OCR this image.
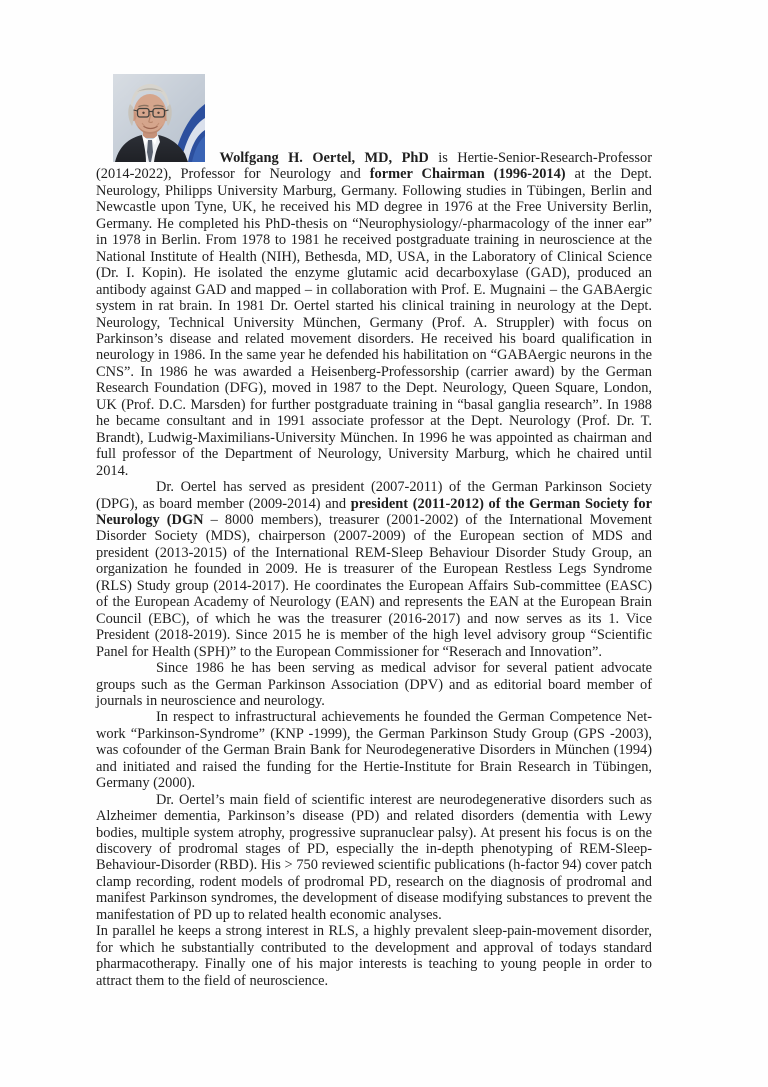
Wolfgang H. Oertel, MD, PhD is Hertie-Senior-Research-Professor (2014-2022), Professor for Neurology and former Chairman (1996-2014) at the Dept. Neurology, Philipps University Marburg, Germany. Following studies in Tübingen, Berlin and Newcastle upon Tyne, UK, he received his MD degree in 1976 at the Free University Berlin, Germany. He completed his PhD-thesis on “Neurophysiology/-pharmacology of the inner ear” in 1978 in Berlin. From 1978 to 1981 he received postgraduate training in neuroscience at the National Institute of Health (NIH), Bethesda, MD, USA, in the Laboratory of Clinical Science (Dr. I. Kopin). He isolated the enzyme glutamic acid decarboxylase (GAD), produced an antibody against GAD and mapped – in collaboration with Prof. E. Mugnaini – the GABAergic system in rat brain. In 1981 Dr. Oertel started his clinical training in neurology at the Dept. Neurology, Technical University München, Germany (Prof. A. Struppler) with focus on Parkinson’s disease and related movement disorders. He received his board qualification in neurology in 1986. In the same year he defended his habilitation on “GABAergic neurons in the CNS”. In 1986 he was awarded a Heisenberg-Professorship (carrier award) by the German Research Foundation (DFG), moved in 1987 to the Dept. Neurology, Queen Square, London, UK (Prof. D.C. Marsden) for further postgraduate training in “basal ganglia research”. In 1988 he became consultant and in 1991 associate professor at the Dept. Neurology (Prof. Dr. T. Brandt), Ludwig-Maximilians-University München. In 1996 he was appointed as chairman and full professor of the Department of Neurology, University Marburg, which he chaired until 2014.

Dr. Oertel has served as president (2007-2011) of the German Parkinson Society (DPG), as board member (2009-2014) and president (2011-2012) of the German Society for Neurology (DGN – 8000 members), treasurer (2001-2002) of the International Movement Disorder Society (MDS), chairperson (2007-2009) of the European section of MDS and president (2013-2015) of the International REM-Sleep Behaviour Disorder Study Group, an organization he founded in 2009. He is treasurer of the European Restless Legs Syndrome (RLS) Study group (2014-2017). He coordinates the European Affairs Sub-committee (EASC) of the European Academy of Neurology (EAN) and represents the EAN at the European Brain Council (EBC), of which he was the treasurer (2016-2017) and now serves as its 1. Vice President (2018-2019). Since 2015 he is member of the high level advisory group “Scientific Panel for Health (SPH)” to the European Commissioner for “Reserach and Innovation”.

Since 1986 he has been serving as medical advisor for several patient advocate groups such as the German Parkinson Association (DPV) and as editorial board member of journals in neuroscience and neurology.

In respect to infrastructural achievements he founded the German Competence Net-work “Parkinson-Syndrome” (KNP -1999), the German Parkinson Study Group (GPS -2003), was cofounder of the German Brain Bank for Neurodegenerative Disorders in München (1994) and initiated and raised the funding for the Hertie-Institute for Brain Research in Tübingen, Germany (2000).

Dr. Oertel’s main field of scientific interest are neurodegenerative disorders such as Alzheimer dementia, Parkinson’s disease (PD) and related disorders (dementia with Lewy bodies, multiple system atrophy, progressive supranuclear palsy). At present his focus is on the discovery of prodromal stages of PD, especially the in-depth phenotyping of REM-Sleep-Behaviour-Disorder (RBD). His > 750 reviewed scientific publications (h-factor 94) cover patch clamp recording, rodent models of prodromal PD, research on the diagnosis of prodromal and manifest Parkinson syndromes, the development of disease modifying substances to prevent the manifestation of PD up to related health economic analyses.

In parallel he keeps a strong interest in RLS, a highly prevalent sleep-pain-movement disorder, for which he substantially contributed to the development and approval of todays standard pharmacotherapy. Finally one of his major interests is teaching to young people in order to attract them to the field of neuroscience.
